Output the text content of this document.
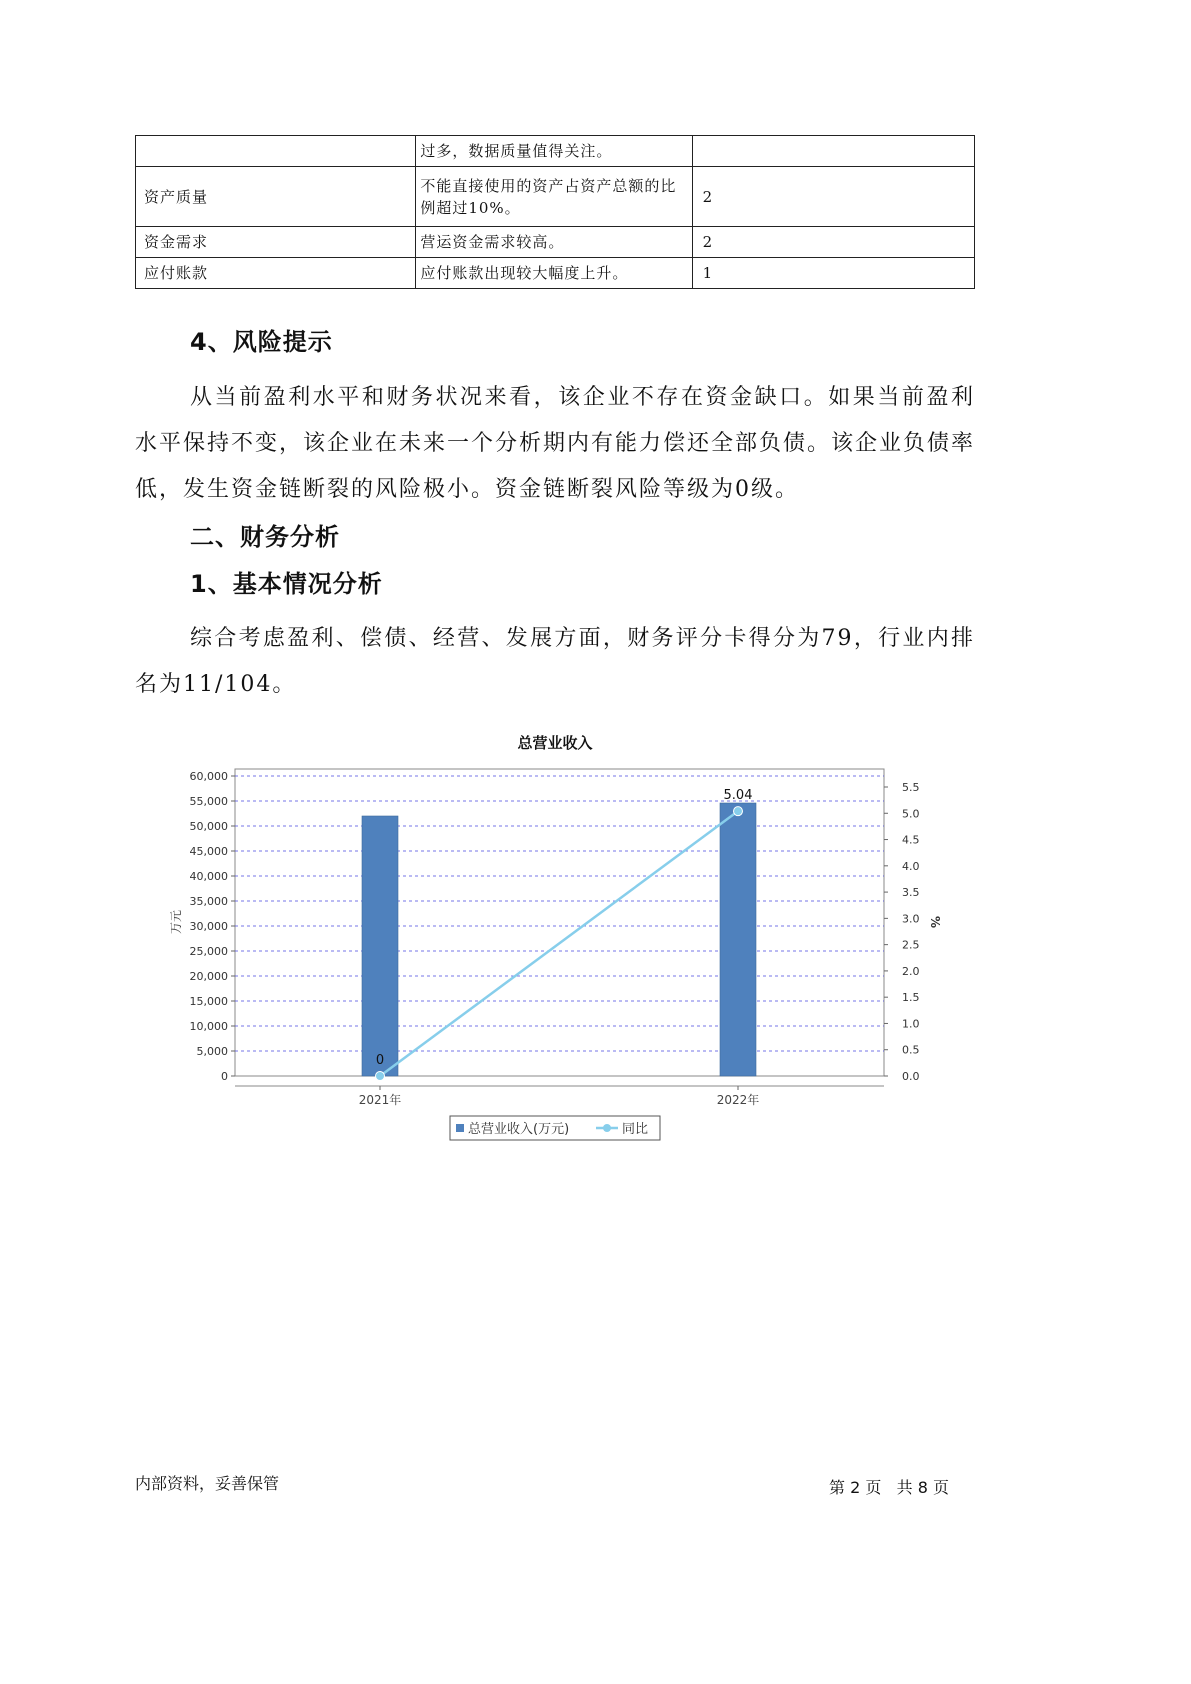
	过多，数据质量值得关注。	
资产质量	不能直接使用的资产占资产总额的比例超过10%。	2
资金需求	营运资金需求较高。	2
应付账款	应付账款出现较大幅度上升。	1
4、风险提示
从当前盈利水平和财务状况来看，该企业不存在资金缺口。如果当前盈利水平保持不变，该企业在未来一个分析期内有能力偿还全部负债。该企业负债率低，发生资金链断裂的风险极小。资金链断裂风险等级为0级。
二、财务分析
1、基本情况分析
综合考虑盈利、偿债、经营、发展方面，财务评分卡得分为79，行业内排名为11/104。
总营业收入
0
5,000
10,000
15,000
20,000
25,000
30,000
35,000
40,000
45,000
50,000
55,000
60,000
0.0
0.5
1.0
1.5
2.0
2.5
3.0
3.5
4.0
4.5
5.0
5.5
万元	%
2021年	2022年
0
5.04
总营业收入(万元)	同比
内部资料，妥善保管	第 2 页   共 8 页
